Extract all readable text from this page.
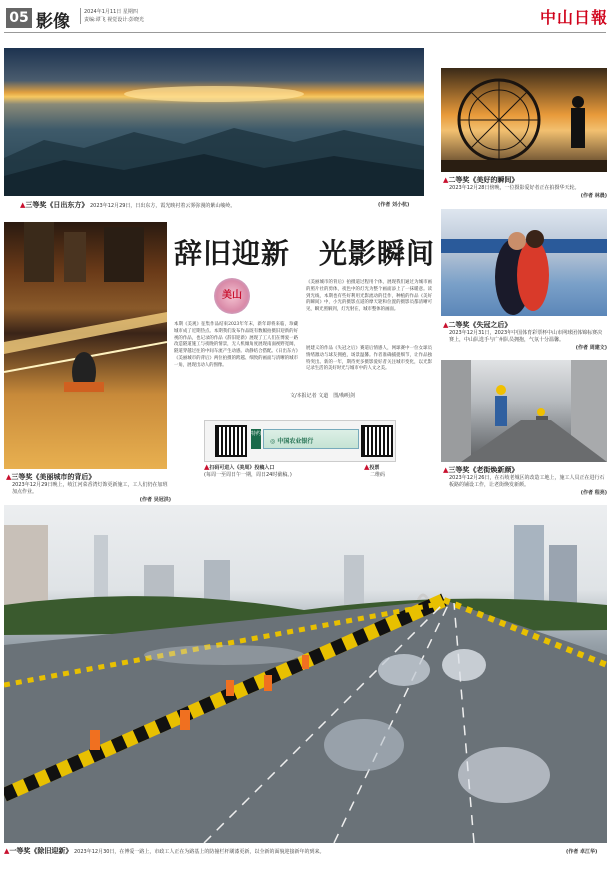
05 影像	2024年1月11日 星期四
责编:谭飞 视觉设计:彭晓光	中山日報
▲三等奖《日出东方》 2023年12月29日，日出东方，霞光映衬着云雾弥漫的紫山峻岭。	(作者 刘小杭)
▲二等奖《美好的瞬间》
2023年12月28日傍晚，一位摄影爱好者正在拍摄华天轮。
(作者 林晨)
▲二等奖《失冠之后》
2023年12月31日，2023年中国体育彩票杯中山市网球团体锦标赛决赛上，中山队选手与广州队员拥抱，气氛十分温馨。
(作者 周建文)
▲三等奖《美丽城市的背后》
2023年12月29日晚上，岐江河菜香湾灯饰更新施工，工人们仍在加班加点作业。
(作者 吴冠洪)
辞旧迎新　光影瞬间
美山
本期《美观》征集作品结束2023年年末，新年即将来临，珍藏城市成了近期热点。本期我们发布作品既有数幅拍摄旧迎新的好视的作品，也记录的作品《辞旧迎新》展现了工人们在博爱一路改造隧道施工与夜晚的情景，无人机倾角度展现南面视野宽阔，隧道穿越过往的中间车流产生动感。动静结合搭配。《日出东方》《美丽城市的背后》两位拍摄的跨越、细致的画面与清晰的城市一角，展现出动人的图像。
《美丽城市的背后》拍摄道过程用个体，展现我们通过为城市画的照片社的剪体，夜色中的灯光为整个画面添上了一抹暖意。读到光线，本期也有些好利用光影流动的佳作，种植的作品《美好的瞬间》中，小光的摄影点道的摩天轮和位置的摄影员都清晰可见，瞬光照解到，灯光射在，城市整体的画面。
展建义的作品《失冠之后》赛道后情感人，网球赛中一位女球员情绪激动与球友拥抱，场景温馨。作者准确捕捉细节，让作品独特突出。新的一年，期待更多摄影爱好者关注城市变化，以光影记录生活的美好时光与城市中的人文之美。
文/本报记者 文道　图/梅明剑
特约
◎ 中国农业银行
▲扫码可进入《美周》投稿入口
(每周一至周日午一期，周日24时截稿。)
▲投票
二维码
▲三等奖《老街焕新颜》
2023年12月26日，在石岐老城区的改造工地上，施工人员正在进行石板路的铺设工作，让老街焕发新颜。
(作者 程亮)
▲一等奖《除旧迎新》 2023年12月30日，在博爱一路上，市政工人正在为路基上的防撞栏杆刷漆更新，以全新的面貌迎接新年的到来。	(作者 卓江华)
